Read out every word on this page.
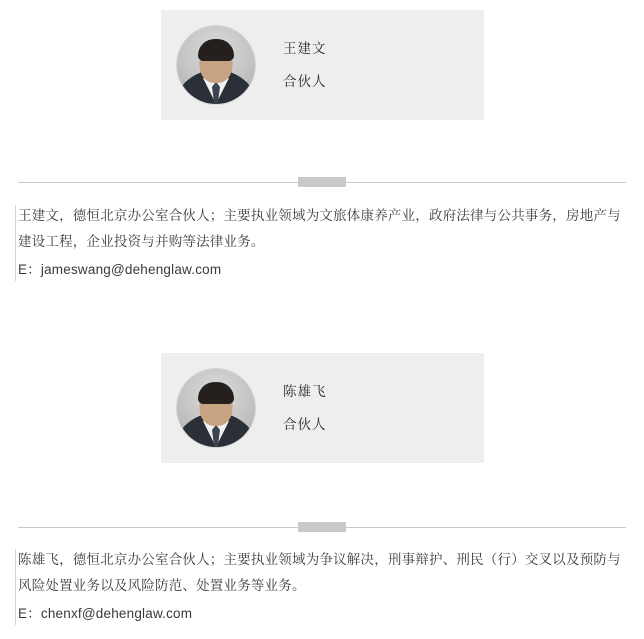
王建文
合伙人

王建文，德恒北京办公室合伙人；主要执业领域为文旅体康养产业，政府法律与公共事务，房地产与建设工程，企业投资与并购等法律业务。

E：jameswang@dehenglaw.com

陈雄飞
合伙人

陈雄飞，德恒北京办公室合伙人；主要执业领域为争议解决，刑事辩护、刑民（行）交叉以及预防与风险处置业务以及风险防范、处置业务等业务。

E：chenxf@dehenglaw.com
